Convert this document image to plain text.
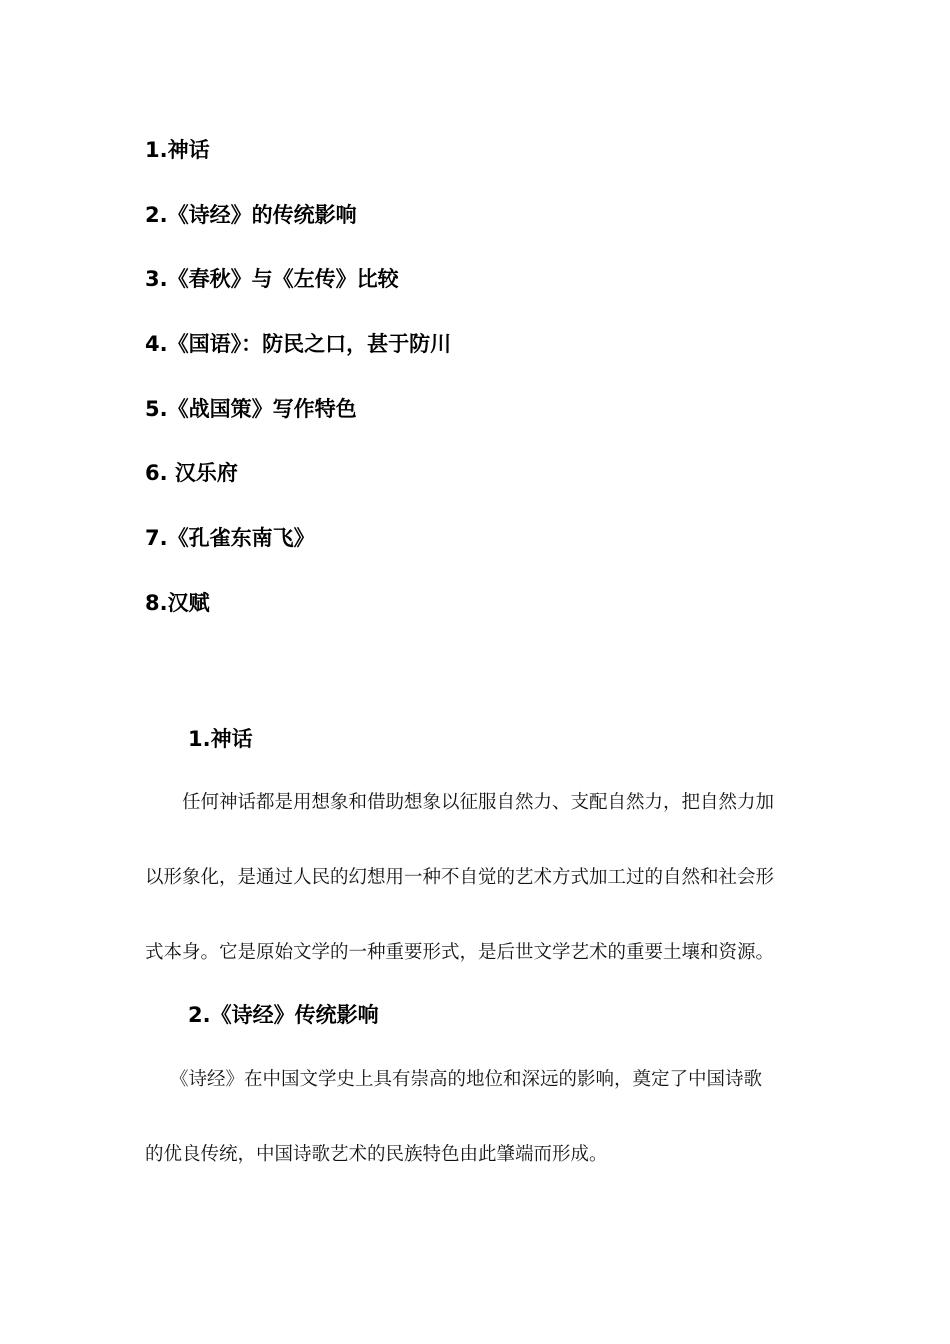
1.神话
2.《诗经》的传统影响
3.《春秋》与《左传》比较
4.《国语》：防民之口，甚于防川
5.《战国策》写作特色
6. 汉乐府
7.《孔雀东南飞》
8.汉赋
1.神话
任何神话都是用想象和借助想象以征服自然力、支配自然力，把自然力加
以形象化，是通过人民的幻想用一种不自觉的艺术方式加工过的自然和社会形
式本身。它是原始文学的一种重要形式，是后世文学艺术的重要土壤和资源。
2.《诗经》传统影响
《诗经》在中国文学史上具有崇高的地位和深远的影响，奠定了中国诗歌
的优良传统，中国诗歌艺术的民族特色由此肇端而形成。
